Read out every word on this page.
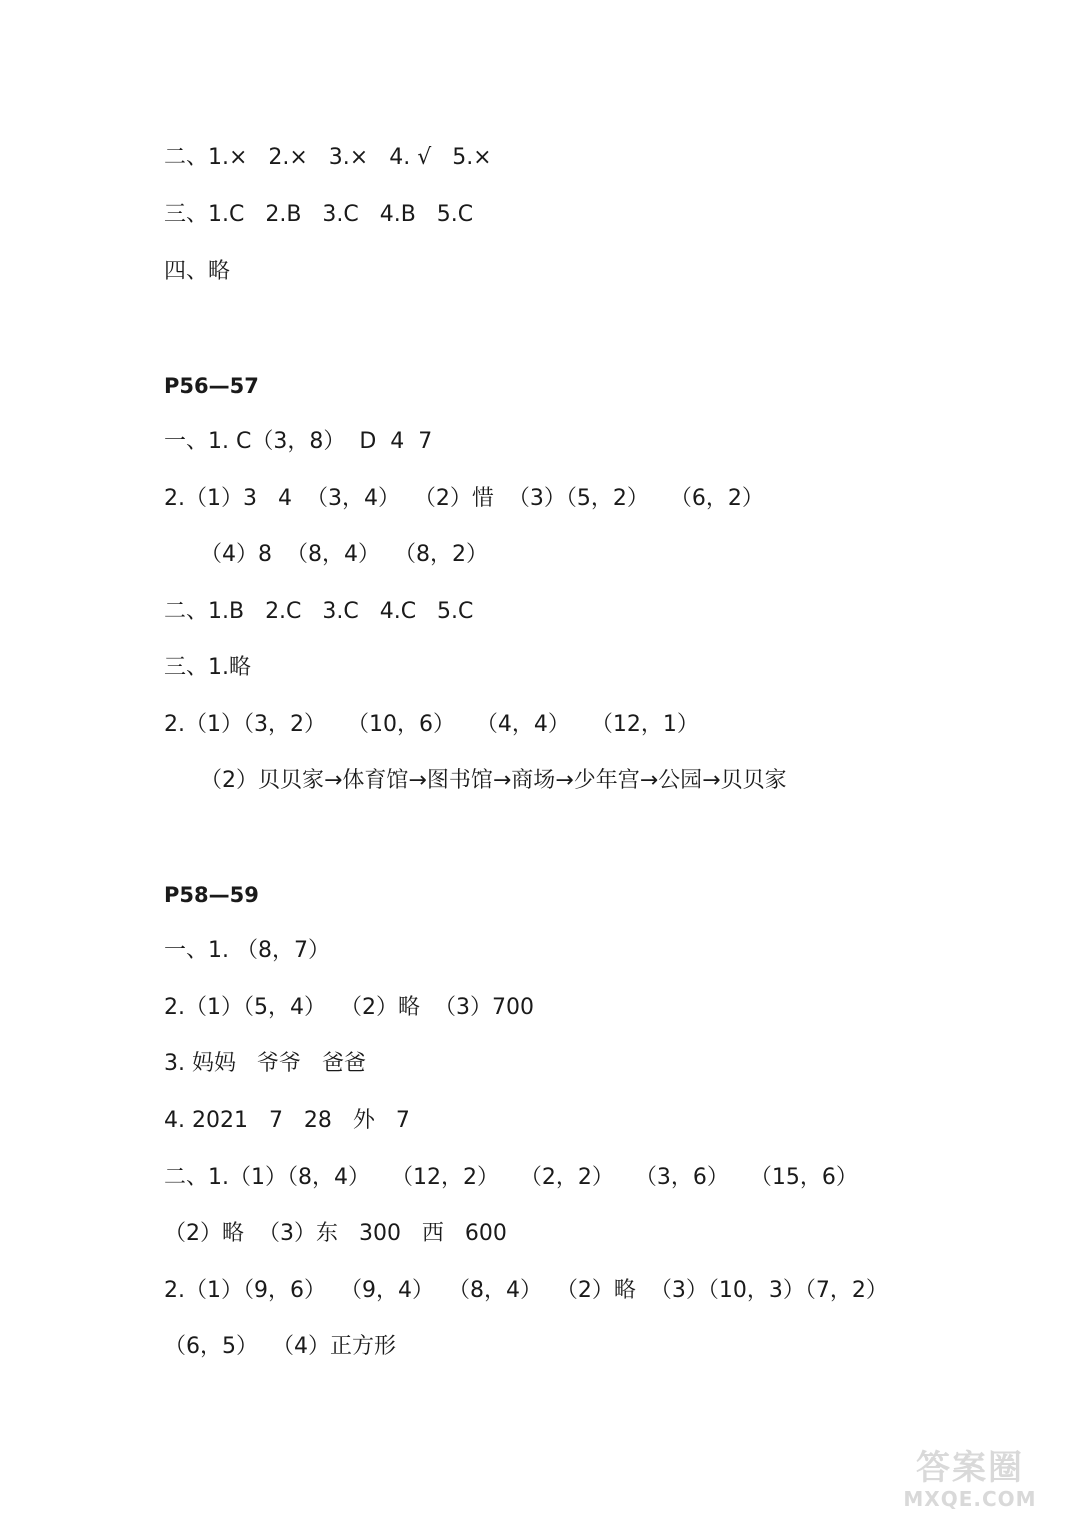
二、1.×   2.×   3.×   4. √   5.×
三、1.C   2.B   3.C   4.B   5.C
四、略
P56—57
一、1. C（3，8）  D  4  7
2.（1）3   4  （3，4）  （2）惜  （3）（5，2）   （6，2）
（4）8  （8，4）  （8，2）
二、1.B   2.C   3.C   4.C   5.C
三、1.略
2.（1）（3，2）   （10，6）   （4，4）   （12，1）
（2）贝贝家→体育馆→图书馆→商场→少年宫→公园→贝贝家
P58—59
一、1. （8，7）
2.（1）（5，4）  （2）略  （3）700
3. 妈妈   爷爷   爸爸
4. 2021   7   28   外   7
二、1.（1）（8，4）   （12，2）   （2，2）   （3，6）   （15，6）
（2）略  （3）东   300   西   600
2.（1）（9，6）  （9，4）  （8，4）  （2）略  （3）（10，3）（7，2）
（6，5）  （4）正方形
答案圈
MXQE.COM
